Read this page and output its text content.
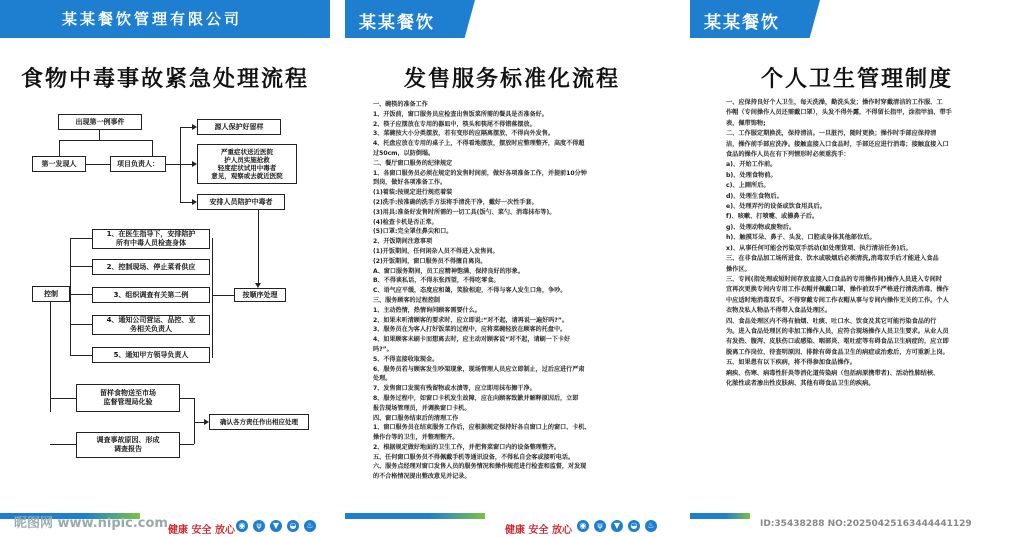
某某餐饮管理有限公司
食物中毒事故紧急处理流程
出现第一例事件
第一发现人	项目负责人：
源人保护好留样
严重症状送近医院
护人员实施抢救
轻度症状试用中毒者
意见，观察或去就近医院
安排人员陪护中毒者
按顺序处理
1、在医生指导下，安排陪护
所有中毒人员检查身体
2、控制现场、停止菜肴供应
3、组织调查有关第二例
4、通知公司营运、品控、业
务相关负责人
5、通知甲方领导负责人
控制
留样食物送至市场
监督管理局化验
调查事故原因、形成
调查报告
确认各方责任作出相应处理
健康 安全 放心 ◉	ψ	▼	◒	♨
某某餐饮
发售服务标准化流程
一、碗筷的准备工作
1、开饭前，窗口服务员应检查出售饭菜所需的餐具是否准备好。
2、筷子应摆放在专用的器皿中，筷头和筷尾不得错落摆放。
3、菜碗按大小分类摆放，若有变形的应隔离摆放，不得向外发售。
4、托盘应放在专用的桌子上，不得看地摆放，摆放时应整理整齐，高度不得超
过50cm，以防倒塌。
二、餐厅窗口服务的纪律规定
1、各窗口服务员必须在规定的发售时间前，做好各项准备工作，并提前10分钟
到岗，做好各项准备工作。
(1)着装:按规定进行规范着装
(2)洗手:按准确的洗手方法将手清洗干净，戴好一次性手套。
(3)用具:准备好发售时所需的一切工具(饭勺、菜勺、消毒抹布等)。
(4)检查卡机是否正常。
(5)口罩:完全罩住鼻尖和口。
2、开饭期间注意事项
(1)开饭期间，任何闲杂人员不得进入发售间。
(2)开饭期间，窗口服务员不得擅自离岗。
A、窗口服务期间，员工应精神饱满，保持良好的形象。
B、不得谈私话，不得东张西望，不得吃零食。
C、语气应平缓，态度应和蔼，笑脸相迎，不得与客人发生口角，争吵。
三、服务顾客的过程控制
1、主动热情，热情询问顾客需要什么。
2、如果未听清顾客的要求时，应立即说:“对不起，请再说一遍好吗?”。
3、服务员在为客人打好饭菜的过程中，应将菜碗轻放在顾客的托盘中。
4、如果顾客未刷卡而想离去时，应主动对顾客说“对不起，请刷一下卡好
吗?”。
5、不得直接收取现金。
6、服务员若与顾客发生吵架现象，现场管理人员应立即制止，过后应进行严肃
处理。
7、发售窗口发现有残留物或水渍等，应立即用抹布擦干净。
8、服务过程中，如窗口卡机发生故障，应在向顾客致歉并解释原因后，立即
报告现场管理员，并调换窗口卡机。
四、窗口服务结束后的清理工作
1、窗口服务员在结束服务工作后，应根据规定保持好各自窗口上的窗口、卡机、
操作台等的卫生，并整理整齐。
2、根据规定做好地面的卫生工作，并把售菜窗口内的设备整理整齐。
五、任何窗口服务员不得佩戴手机等通讯设备，不得私自会客或接听电话。
六、服务点经理对窗口发售人员的服务情况和操作规范进行检查和监督，对发现
的不合格情况提出整改意见并记录。
健康 安全 放心 ◉	ψ	▼	◒	♨
某某餐饮
个人卫生管理制度
一、应保持良好个人卫生，每天洗澡，勤洗头发；操作时穿戴清洁的工作服、工
作帽（专间操作人员还需戴口罩），头发不得外露，不得留长指甲，涂指甲油、带手
表，佩带饰物;
二、工作服定期换洗，保持清洁。一旦脏污，随时更换；操作时手部应保持清
洁，操作前手部应洗净。接触直接入口食品时，手部还应进行消毒；接触直接入口
食品的操作人员在有下列情形时必须重洗手：
a)、开始工作前。
b)、处理食物前。
c)、上厕所后。
d)、处理生食物后。
e)、处理弄污的设备或饮食用具后。
f)、咳嗽、打喷嚏、或擤鼻子后。
g)、处理动物或废物后。
h)、触摸耳朵、鼻子、头发、口腔或身体其他部位后。
x)、从事任何可能会污染双手活动(如处理货项、执行清洁任务)后。
三、在非食品加工场所进食、饮水或吸烟后必须清洗,消毒双手后才能进入食品
操作区。
三、专间(指处理或短时间存放直接入口食品的专用操作间)操作人员进入专间时
宜再次更换专间内专用工作衣帽并佩戴口罩，操作前双手严格进行清洗消毒，操作
中应适时地消毒双手。不得穿戴专间工作衣帽从事与专间内操作无关的工作。个人
衣物及私人物品不得带入食品处理区。
四、食品处理区内不得有抽烟、吐痰、吐口水、饮食及其它可能污染食品的行
为。进入食品处理区的非加工操作人员，应符合现场操作人员卫生要求。从业人员
有发热、腹泻、皮肤伤口或感染、咽部炎、呕吐症等有碍食品卫生病症的，应立即
脱离工作岗位，待查明原因、排除有碍食品卫生的病症或治愈后，方可重新上岗。
五、如果患有以下疾病，将不得参加食品操作。
痢疾、伤寒、病毒性肝炎等消化道传染病（包括病原携带者)、活动性肺结核、
化脓性或者渗出性皮肤病、其他有碍食品卫生的疾病。
昵图网 www.nipic.com	ID:35438288 NO:20250425163444441129
